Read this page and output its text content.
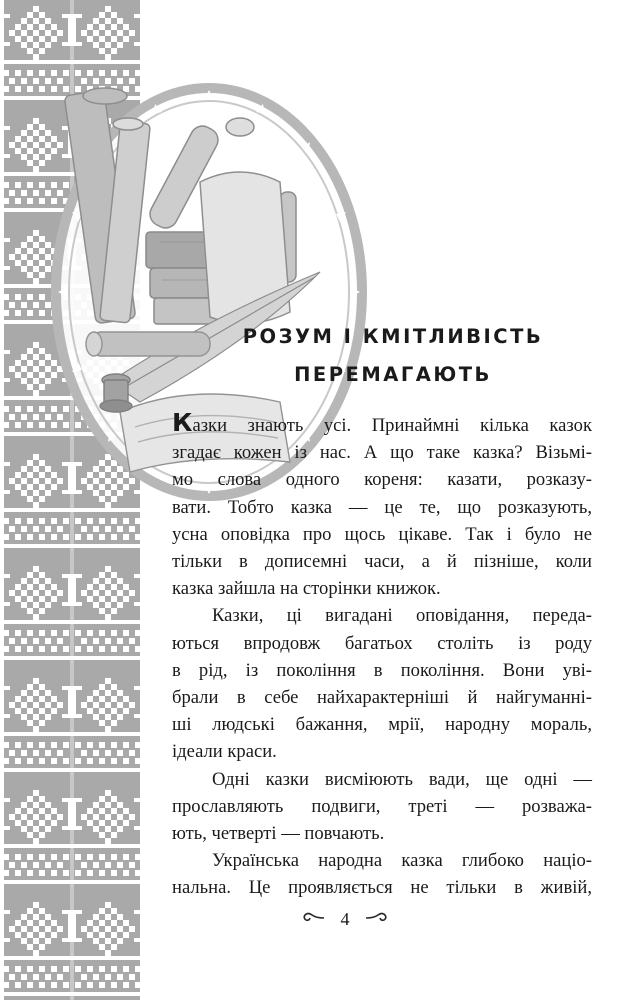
РОЗУМ І КМІТЛИВІСТЬ
ПЕРЕМАГАЮТЬ

Казки знають усі. Принаймні кілька казок
згадає кожен із нас. А що таке казка? Візьмі-
мо слова одного кореня: казати, розказу-
вати. Тобто казка — це те, що розказують,
усна оповідка про щось цікаве. Так і було не
тільки в дописемні часи, а й пізніше, коли
казка зайшла на сторінки книжок.

Казки, ці вигадані оповідання, переда-
ються впродовж багатьох століть із роду
в рід, із покоління в покоління. Вони уві-
брали в себе найхарактерніші й найгуманні-
ші людські бажання, мрії, народну мораль,
ідеали краси.

Одні казки висміюють вади, ще одні —
прославляють подвиги, треті — розважа-
ють, четверті — повчають.

Українська народна казка глибоко націо-
нальна. Це проявляється не тільки в живій,

4
